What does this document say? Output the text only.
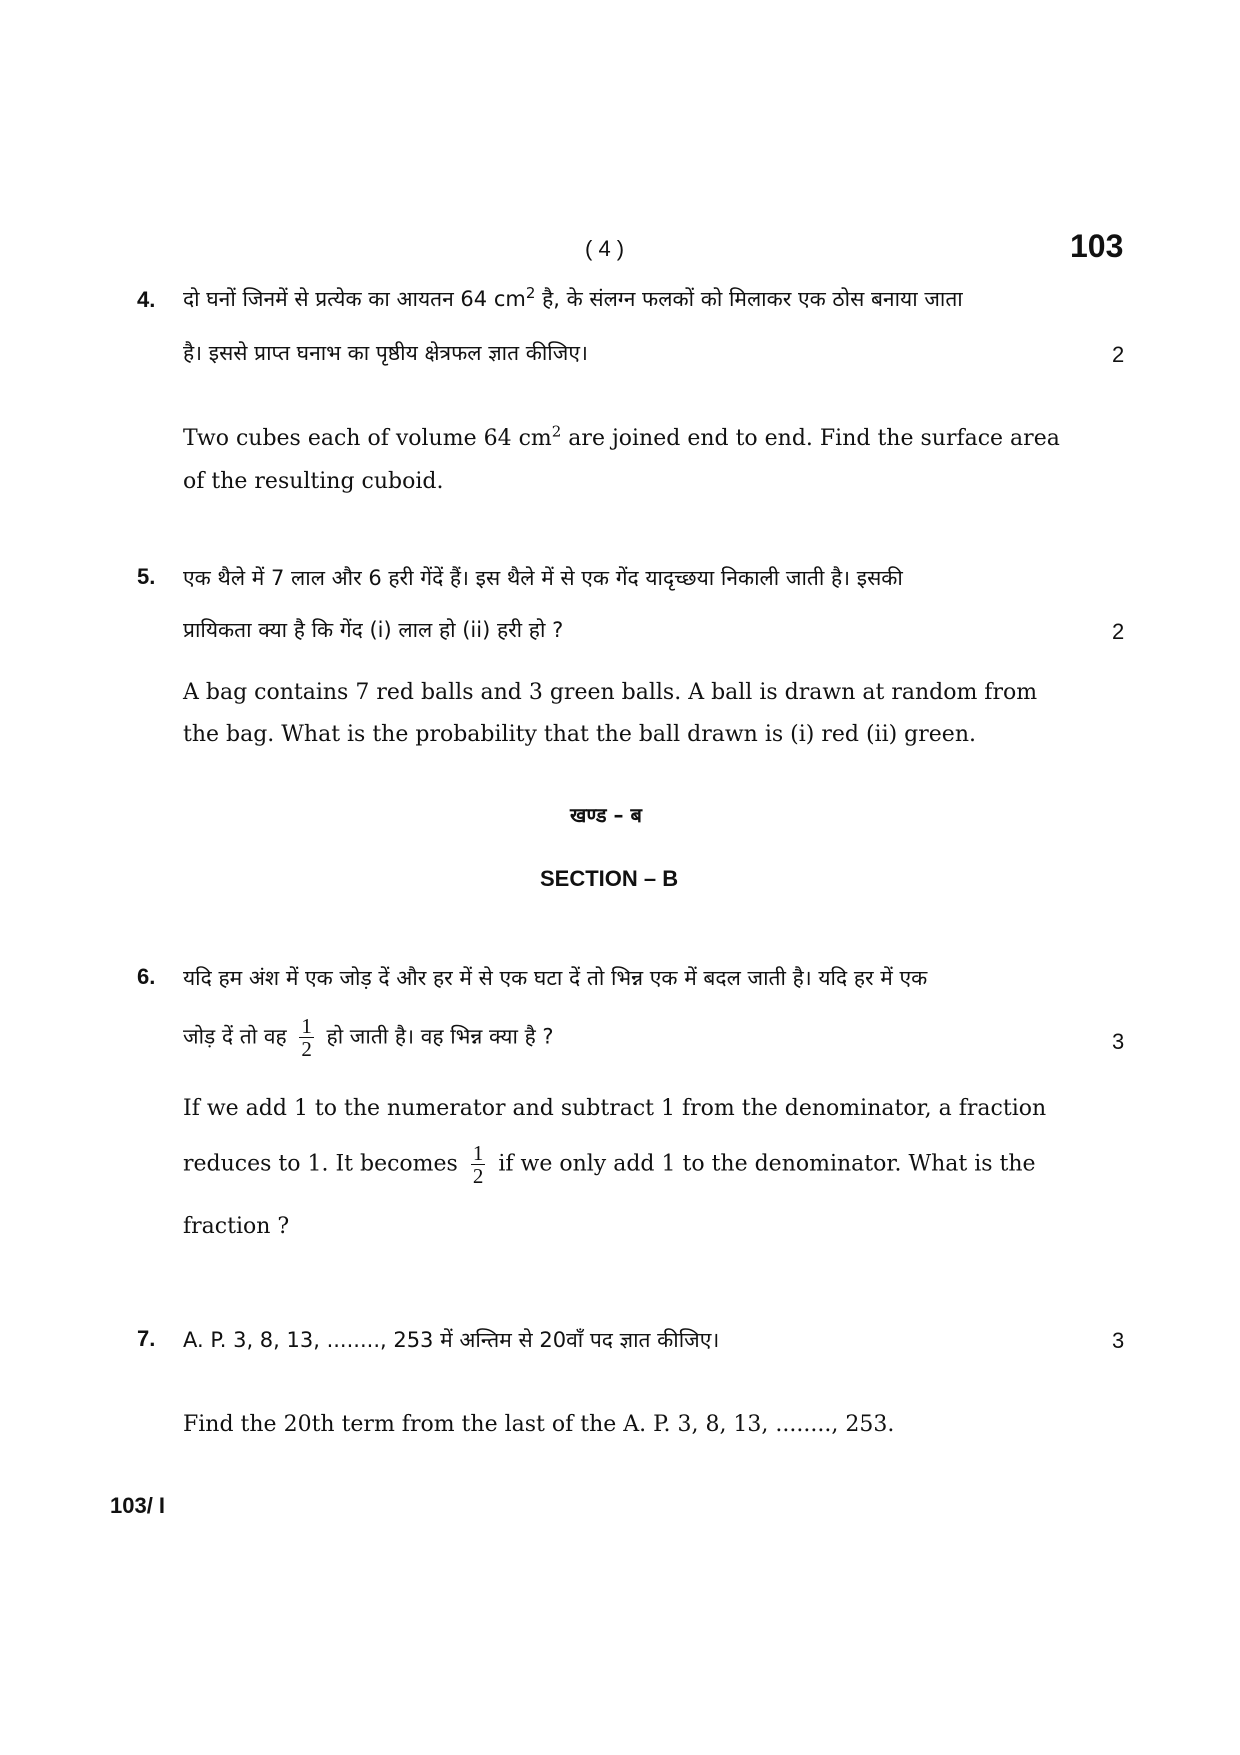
( 4 )	103
4. दो घनों जिनमें से प्रत्येक का आयतन 64 $cm^2$ है, के संलग्न फलकों को मिलाकर एक ठोस बनाया जाता
है। इससे प्राप्त घनाभ का पृष्ठीय क्षेत्रफल ज्ञात कीजिए।	2
Two cubes each of volume 64 $cm^2$ are joined end to end. Find the surface area
of the resulting cuboid.
5. एक थैले में 7 लाल और 6 हरी गेंदें हैं। इस थैले में से एक गेंद यादृच्छया निकाली जाती है। इसकी
प्रायिकता क्या है कि गेंद (i) लाल हो (ii) हरी हो ?	2
A bag contains 7 red balls and 3 green balls. A ball is drawn at random from
the bag. What is the probability that the ball drawn is (i) red (ii) green.
खण्ड – ब
SECTION – B
6. यदि हम अंश में एक जोड़ दें और हर में से एक घटा दें तो भिन्न एक में बदल जाती है। यदि हर में एक
जोड़ दें तो वह $\frac{1}{2}$ हो जाती है। वह भिन्न क्या है ?	3
If we add 1 to the numerator and subtract 1 from the denominator, a fraction
reduces to 1. It becomes $\frac{1}{2}$ if we only add 1 to the denominator. What is the
fraction ?
7. A. P. 3, 8, 13, ........, 253 में अन्तिम से 20वाँ पद ज्ञात कीजिए।	3
Find the 20th term from the last of the A. P. 3, 8, 13, ........, 253.
103/ I
